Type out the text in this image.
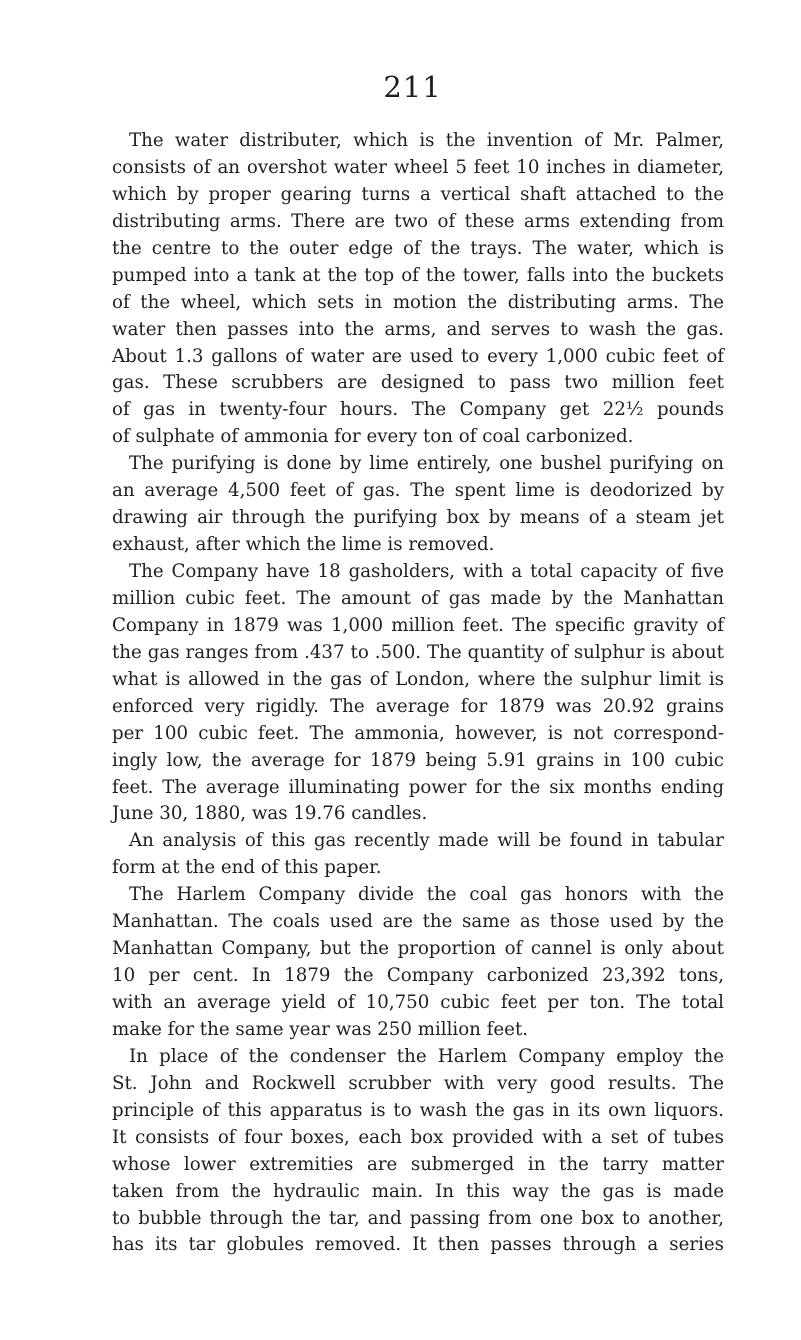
211
The water distributer, which is the invention of Mr. Palmer,
consists of an overshot water wheel 5 feet 10 inches in diameter,
which by proper gearing turns a vertical shaft attached to the
distributing arms. There are two of these arms extending from
the centre to the outer edge of the trays. The water, which is
pumped into a tank at the top of the tower, falls into the buckets
of the wheel, which sets in motion the distributing arms. The
water then passes into the arms, and serves to wash the gas.
About 1.3 gallons of water are used to every 1,000 cubic feet of
gas. These scrubbers are designed to pass two million feet
of gas in twenty-four hours. The Company get 22½ pounds
of sulphate of ammonia for every ton of coal carbonized.
The purifying is done by lime entirely, one bushel purifying on
an average 4,500 feet of gas. The spent lime is deodorized by
drawing air through the purifying box by means of a steam jet
exhaust, after which the lime is removed.
The Company have 18 gasholders, with a total capacity of five
million cubic feet. The amount of gas made by the Manhattan
Company in 1879 was 1,000 million feet. The specific gravity of
the gas ranges from .437 to .500. The quantity of sulphur is about
what is allowed in the gas of London, where the sulphur limit is
enforced very rigidly. The average for 1879 was 20.92 grains
per 100 cubic feet. The ammonia, however, is not correspond-
ingly low, the average for 1879 being 5.91 grains in 100 cubic
feet. The average illuminating power for the six months ending
June 30, 1880, was 19.76 candles.
An analysis of this gas recently made will be found in tabular
form at the end of this paper.
The Harlem Company divide the coal gas honors with the
Manhattan. The coals used are the same as those used by the
Manhattan Company, but the proportion of cannel is only about
10 per cent. In 1879 the Company carbonized 23,392 tons,
with an average yield of 10,750 cubic feet per ton. The total
make for the same year was 250 million feet.
In place of the condenser the Harlem Company employ the
St. John and Rockwell scrubber with very good results. The
principle of this apparatus is to wash the gas in its own liquors.
It consists of four boxes, each box provided with a set of tubes
whose lower extremities are submerged in the tarry matter
taken from the hydraulic main. In this way the gas is made
to bubble through the tar, and passing from one box to another,
has its tar globules removed. It then passes through a series
